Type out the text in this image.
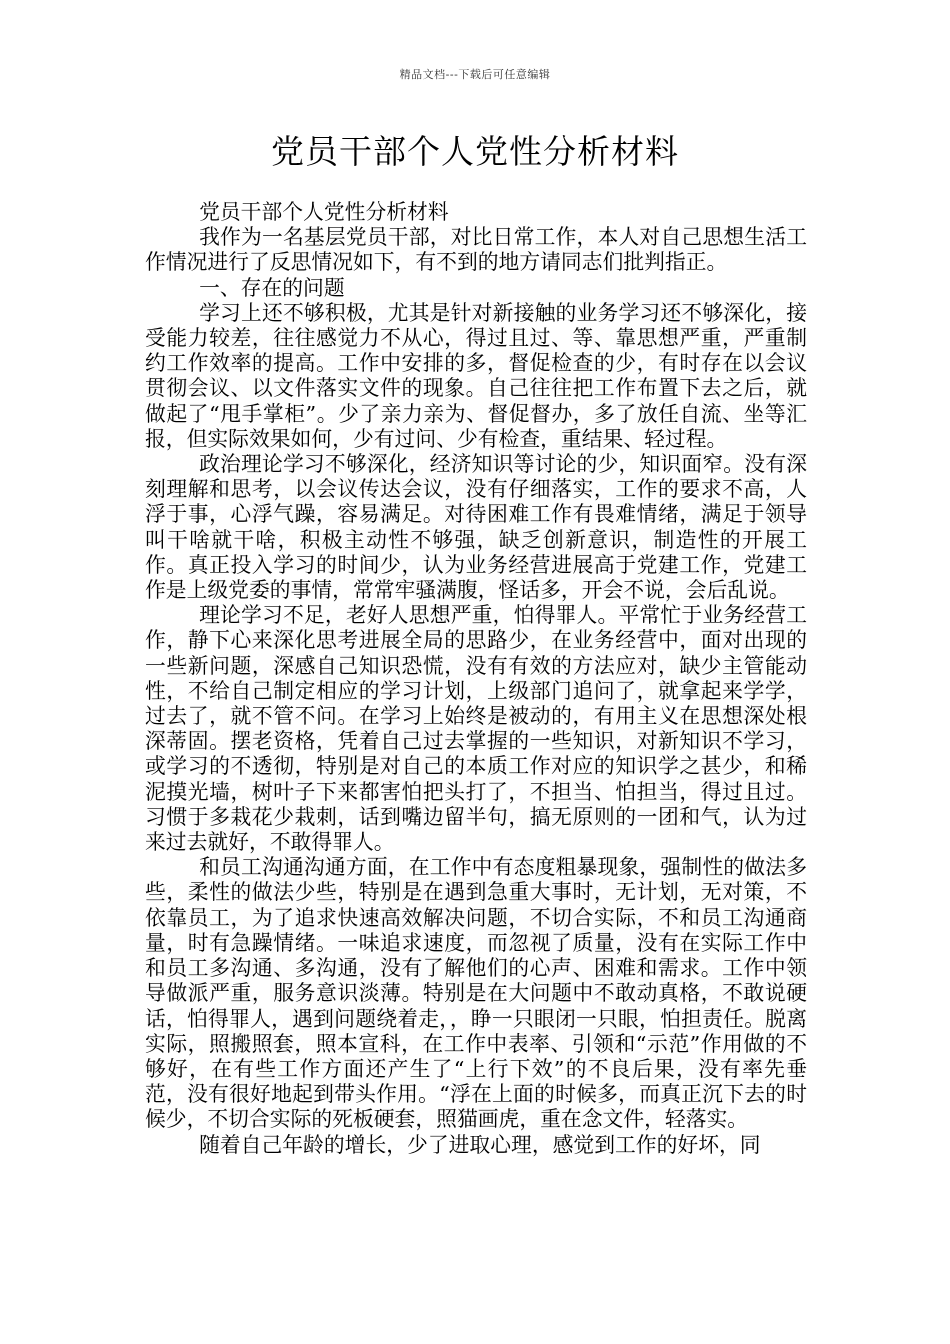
精品文档---下载后可任意编辑
党员干部个人党性分析材料

党员干部个人党性分析材料

我作为一名基层党员干部，对比日常工作，本人对自己思想生活工作情况进行了反思情况如下，有不到的地方请同志们批判指正。

一、存在的问题

学习上还不够积极，尤其是针对新接触的业务学习还不够深化，接受能力较差，往往感觉力不从心，得过且过、等、靠思想严重，严重制约工作效率的提高。工作中安排的多，督促检查的少，有时存在以会议贯彻会议、以文件落实文件的现象。自己往往把工作布置下去之后，就做起了“甩手掌柜”。少了亲力亲为、督促督办，多了放任自流、坐等汇报，但实际效果如何，少有过问、少有检查，重结果、轻过程。

政治理论学习不够深化，经济知识等讨论的少，知识面窄。没有深刻理解和思考，以会议传达会议，没有仔细落实，工作的要求不高，人浮于事，心浮气躁，容易满足。对待困难工作有畏难情绪，满足于领导叫干啥就干啥，积极主动性不够强，缺乏创新意识，制造性的开展工作。真正投入学习的时间少，认为业务经营进展高于党建工作，党建工作是上级党委的事情，常常牢骚满腹，怪话多，开会不说，会后乱说。

理论学习不足，老好人思想严重，怕得罪人。平常忙于业务经营工作，静下心来深化思考进展全局的思路少，在业务经营中，面对出现的一些新问题，深感自己知识恐慌，没有有效的方法应对，缺少主管能动性，不给自己制定相应的学习计划，上级部门追问了，就拿起来学学，过去了，就不管不问。在学习上始终是被动的，有用主义在思想深处根深蒂固。摆老资格，凭着自己过去掌握的一些知识，对新知识不学习，或学习的不透彻，特别是对自己的本质工作对应的知识学之甚少，和稀泥摸光墙，树叶子下来都害怕把头打了，不担当、怕担当，得过且过。习惯于多栽花少栽刺，话到嘴边留半句，搞无原则的一团和气，认为过来过去就好，不敢得罪人。

和员工沟通沟通方面，在工作中有态度粗暴现象，强制性的做法多些，柔性的做法少些，特别是在遇到急重大事时，无计划，无对策，不依靠员工，为了追求快速高效解决问题，不切合实际，不和员工沟通商量，时有急躁情绪。一味追求速度，而忽视了质量，没有在实际工作中和员工多沟通、多沟通，没有了解他们的心声、困难和需求。工作中领导做派严重，服务意识淡薄。特别是在大问题中不敢动真格，不敢说硬话，怕得罪人，遇到问题绕着走，，睁一只眼闭一只眼，怕担责任。脱离实际，照搬照套，照本宣科，在工作中表率、引领和“示范”作用做的不够好，在有些工作方面还产生了“上行下效”的不良后果，没有率先垂范，没有很好地起到带头作用。“浮在上面的时候多，而真正沉下去的时候少，不切合实际的死板硬套，照猫画虎，重在念文件，轻落实。

随着自己年龄的增长，少了进取心理，感觉到工作的好坏，同
